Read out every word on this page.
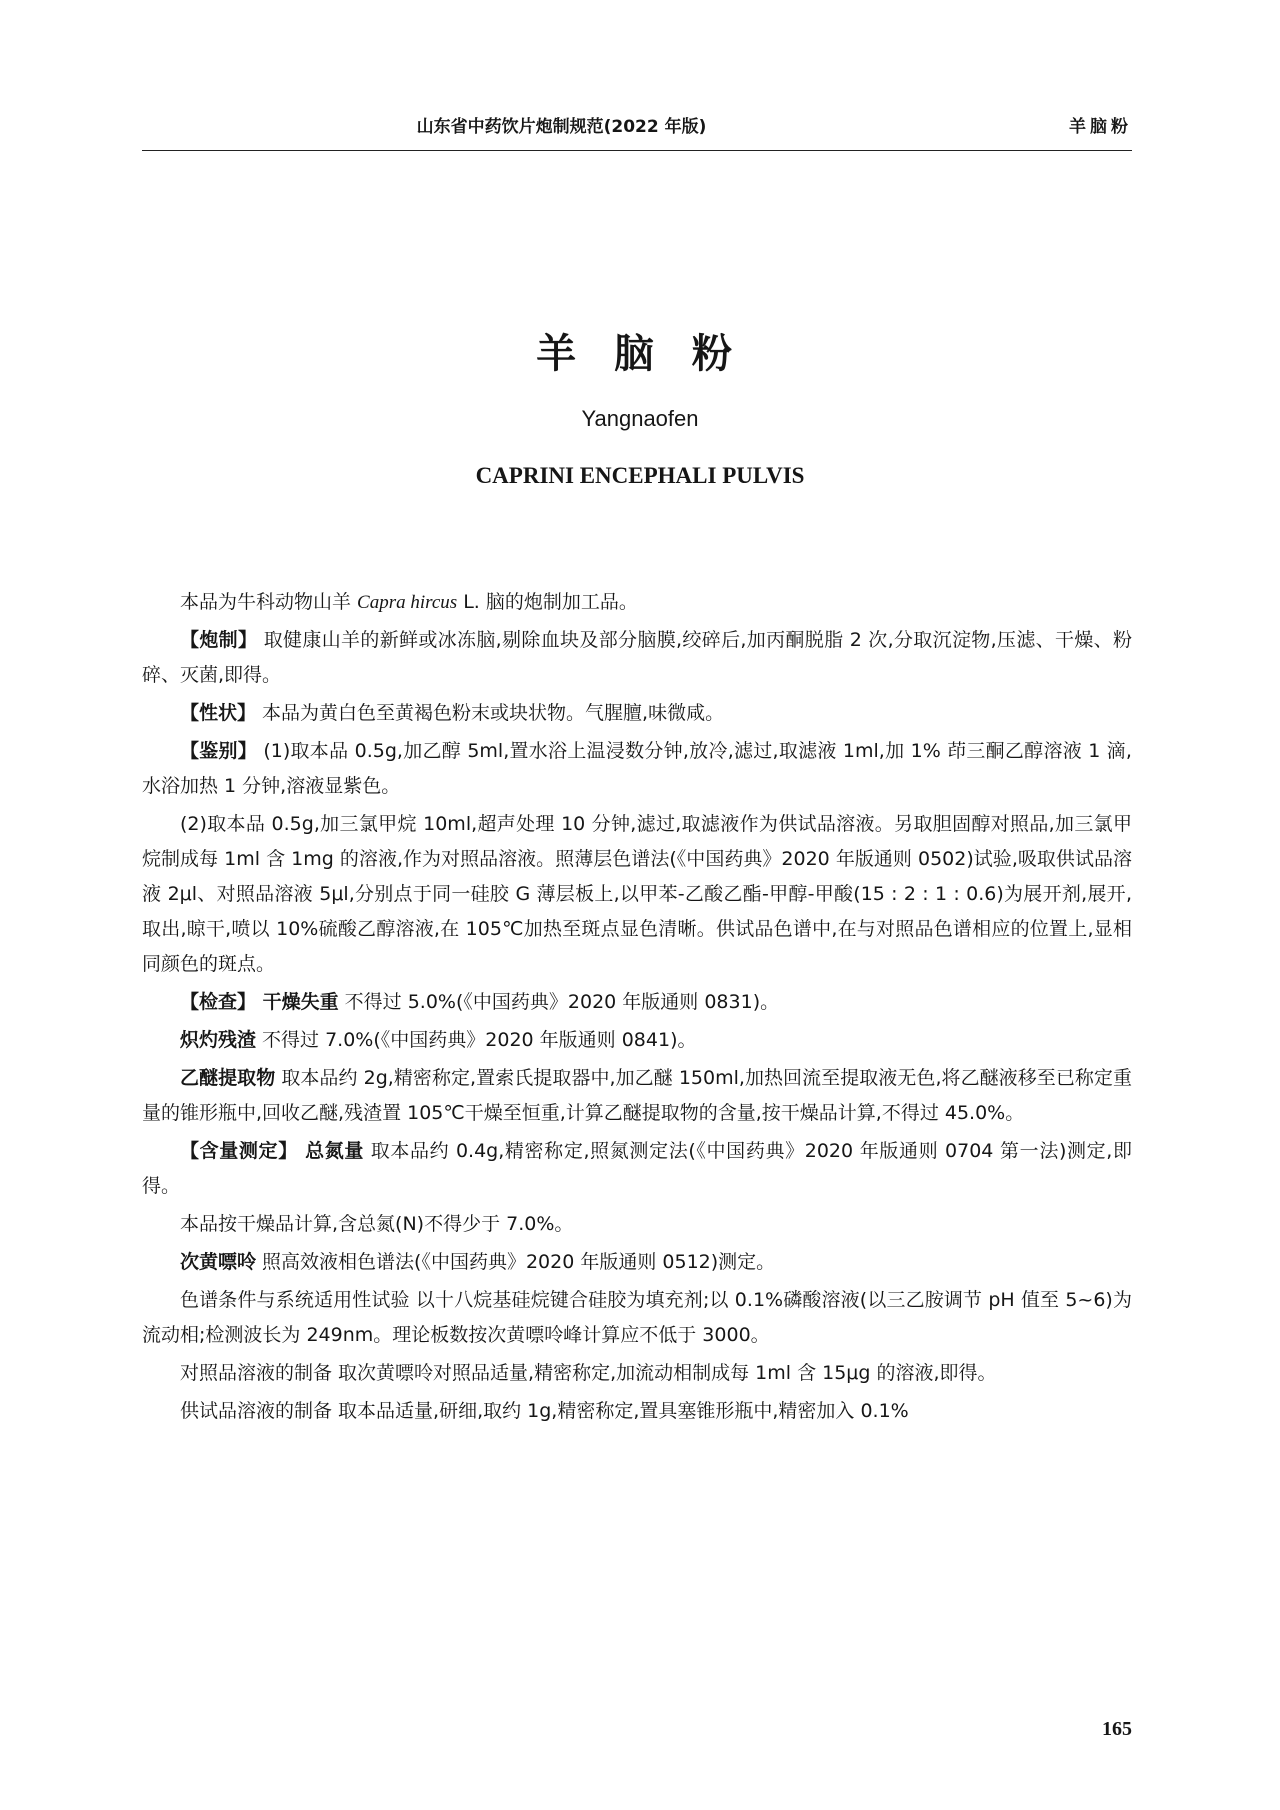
山东省中药饮片炮制规范(2022 年版)	羊脑粉
羊 脑 粉
Yangnaofen
CAPRINI ENCEPHALI PULVIS

本品为牛科动物山羊 Capra hircus L. 脑的炮制加工品。

【炮制】 取健康山羊的新鲜或冰冻脑,剔除血块及部分脑膜,绞碎后,加丙酮脱脂 2 次,分取沉淀物,压滤、干燥、粉碎、灭菌,即得。

【性状】 本品为黄白色至黄褐色粉末或块状物。气腥膻,味微咸。

【鉴别】 (1)取本品 0.5g,加乙醇 5ml,置水浴上温浸数分钟,放冷,滤过,取滤液 1ml,加 1% 茚三酮乙醇溶液 1 滴,水浴加热 1 分钟,溶液显紫色。

(2)取本品 0.5g,加三氯甲烷 10ml,超声处理 10 分钟,滤过,取滤液作为供试品溶液。另取胆固醇对照品,加三氯甲烷制成每 1ml 含 1mg 的溶液,作为对照品溶液。照薄层色谱法(《中国药典》2020 年版通则 0502)试验,吸取供试品溶液 2μl、对照品溶液 5μl,分别点于同一硅胶 G 薄层板上,以甲苯-乙酸乙酯-甲醇-甲酸(15 : 2 : 1 : 0.6)为展开剂,展开,取出,晾干,喷以 10%硫酸乙醇溶液,在 105℃加热至斑点显色清晰。供试品色谱中,在与对照品色谱相应的位置上,显相同颜色的斑点。

【检查】 干燥失重 不得过 5.0%(《中国药典》2020 年版通则 0831)。

炽灼残渣 不得过 7.0%(《中国药典》2020 年版通则 0841)。

乙醚提取物 取本品约 2g,精密称定,置索氏提取器中,加乙醚 150ml,加热回流至提取液无色,将乙醚液移至已称定重量的锥形瓶中,回收乙醚,残渣置 105℃干燥至恒重,计算乙醚提取物的含量,按干燥品计算,不得过 45.0%。

【含量测定】 总氮量 取本品约 0.4g,精密称定,照氮测定法(《中国药典》2020 年版通则 0704 第一法)测定,即得。

本品按干燥品计算,含总氮(N)不得少于 7.0%。

次黄嘌呤 照高效液相色谱法(《中国药典》2020 年版通则 0512)测定。

色谱条件与系统适用性试验 以十八烷基硅烷键合硅胶为填充剂;以 0.1%磷酸溶液(以三乙胺调节 pH 值至 5~6)为流动相;检测波长为 249nm。理论板数按次黄嘌呤峰计算应不低于 3000。

对照品溶液的制备 取次黄嘌呤对照品适量,精密称定,加流动相制成每 1ml 含 15μg 的溶液,即得。

供试品溶液的制备 取本品适量,研细,取约 1g,精密称定,置具塞锥形瓶中,精密加入 0.1%

165
